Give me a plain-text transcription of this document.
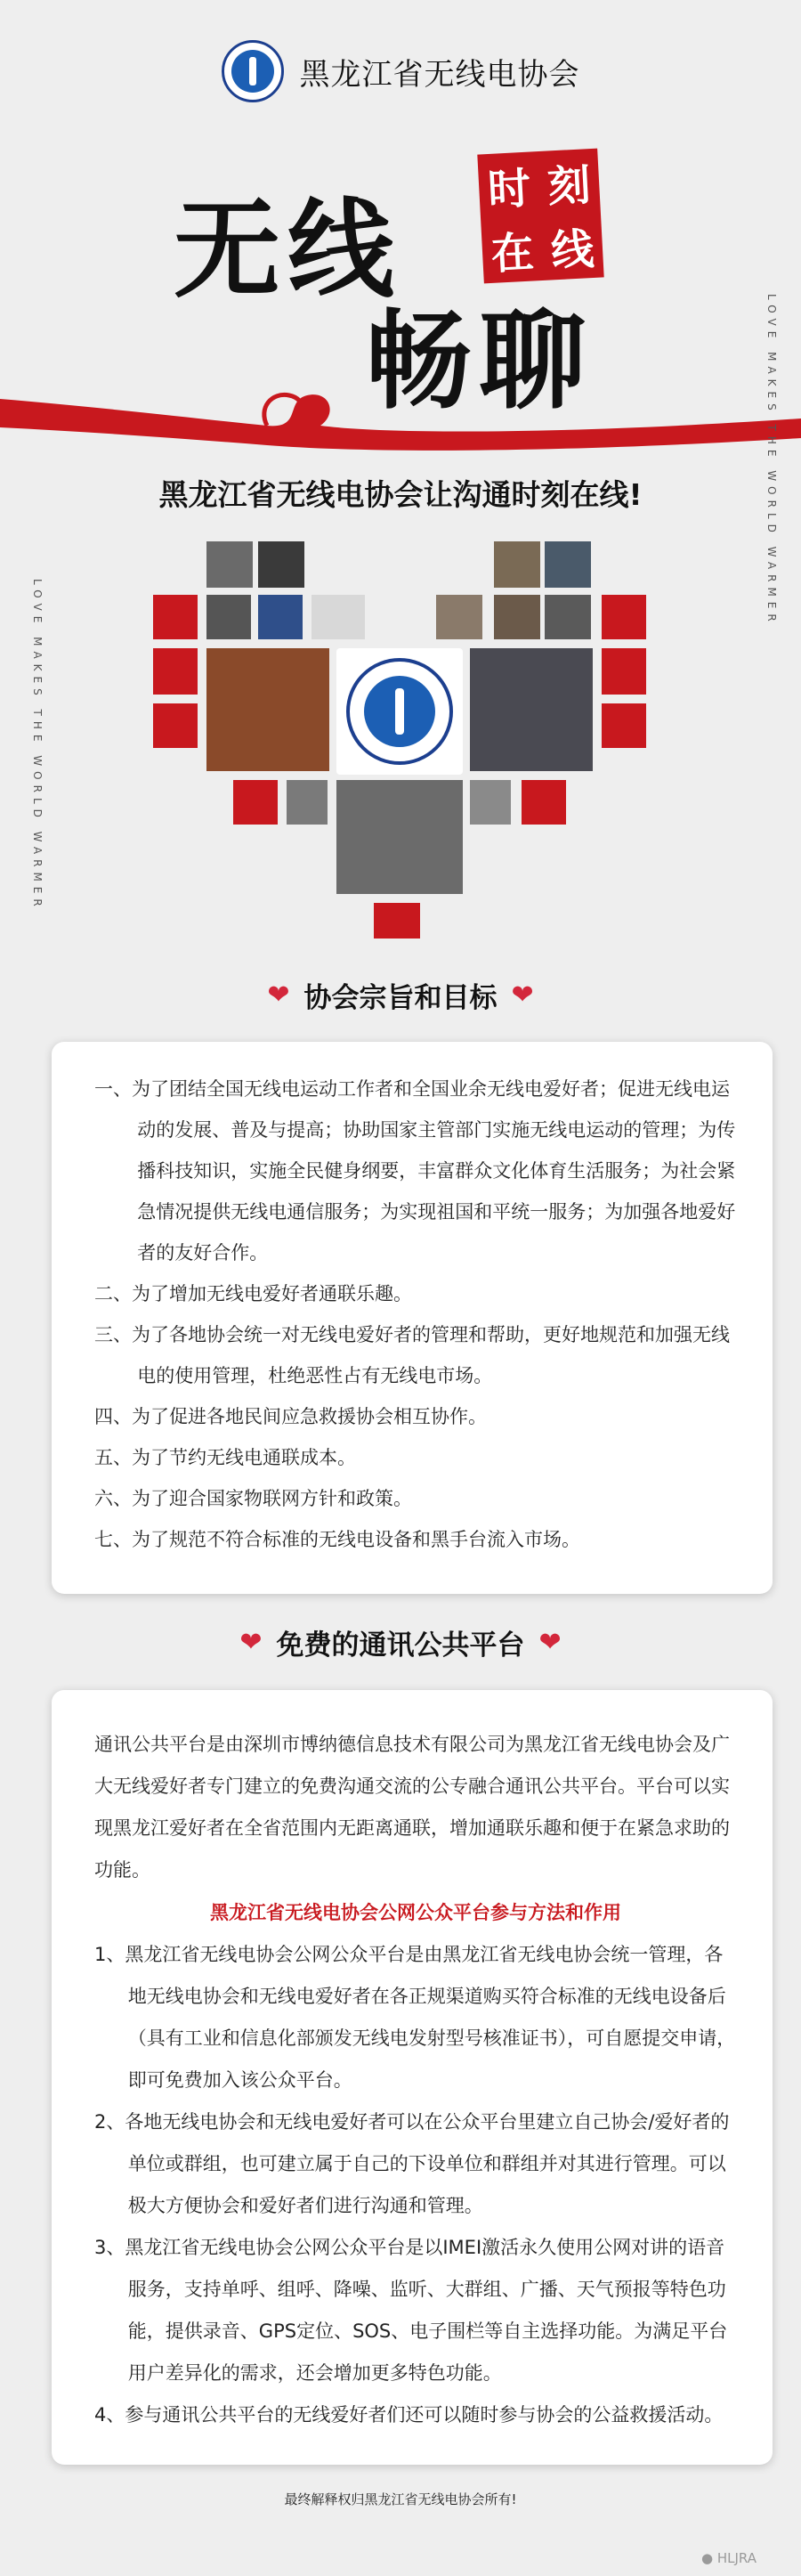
黑龙江省无线电协会
无线
畅聊
时 刻
在 线
LOVE MAKES THE WORLD WARMER
LOVE MAKES THE WORLD WARMER
黑龙江省无线电协会让沟通时刻在线!
❤ 协会宗旨和目标 ❤
一、为了团结全国无线电运动工作者和全国业余无线电爱好者；促进无线电运动的发展、普及与提高；协助国家主管部门实施无线电运动的管理；为传播科技知识，实施全民健身纲要，丰富群众文化体育生活服务；为社会紧急情况提供无线电通信服务；为实现祖国和平统一服务；为加强各地爱好者的友好合作。
二、为了增加无线电爱好者通联乐趣。
三、为了各地协会统一对无线电爱好者的管理和帮助，更好地规范和加强无线电的使用管理，杜绝恶性占有无线电市场。
四、为了促进各地民间应急救援协会相互协作。
五、为了节约无线电通联成本。
六、为了迎合国家物联网方针和政策。
七、为了规范不符合标准的无线电设备和黑手台流入市场。
❤ 免费的通讯公共平台 ❤
通讯公共平台是由深圳市博纳德信息技术有限公司为黑龙江省无线电协会及广大无线爱好者专门建立的免费沟通交流的公专融合通讯公共平台。平台可以实现黑龙江爱好者在全省范围内无距离通联，增加通联乐趣和便于在紧急求助的功能。
黑龙江省无线电协会公网公众平台参与方法和作用
1、黑龙江省无线电协会公网公众平台是由黑龙江省无线电协会统一管理，各地无线电协会和无线电爱好者在各正规渠道购买符合标准的无线电设备后（具有工业和信息化部颁发无线电发射型号核准证书），可自愿提交申请，即可免费加入该公众平台。
2、各地无线电协会和无线电爱好者可以在公众平台里建立自己协会/爱好者的单位或群组，也可建立属于自己的下设单位和群组并对其进行管理。可以极大方便协会和爱好者们进行沟通和管理。
3、黑龙江省无线电协会公网公众平台是以IMEI激活永久使用公网对讲的语音服务，支持单呼、组呼、降噪、监听、大群组、广播、天气预报等特色功能，提供录音、GPS定位、SOS、电子围栏等自主选择功能。为满足平台用户差异化的需求，还会增加更多特色功能。
4、参与通讯公共平台的无线爱好者们还可以随时参与协会的公益救援活动。
最终解释权归黑龙江省无线电协会所有!
● HLJRA
